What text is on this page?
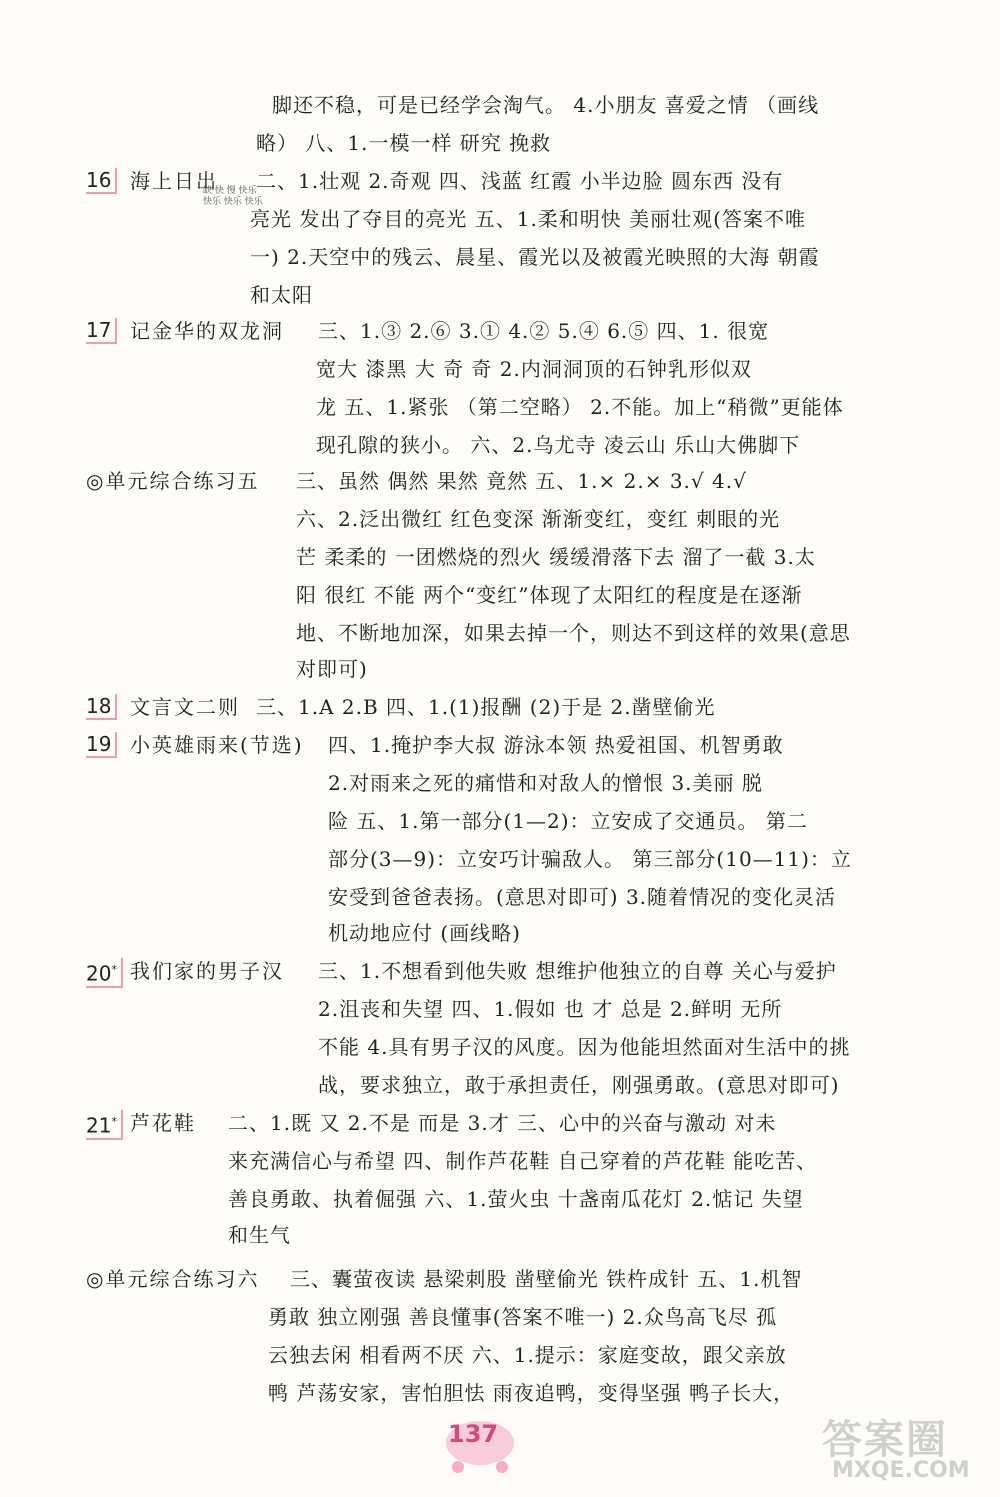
16 海上日出
缺 快 慢 快乐
快乐 快乐 快乐
17 记金华的双龙洞
◎单元综合练习五
18 文言文二则
19 小英雄雨来(节选)
20* 我们家的男子汉
21* 芦花鞋
◎单元综合练习六
脚还不稳，可是已经学会淘气。 4.小朋友 喜爱之情 （画线
略） 八、1.一模一样 研究 挽救
二、1.壮观 2.奇观 四、浅蓝 红霞 小半边脸 圆东西 没有
亮光 发出了夺目的亮光 五、1.柔和明快 美丽壮观(答案不唯
一) 2.天空中的残云、晨星、霞光以及被霞光映照的大海 朝霞
和太阳
三、1.③ 2.⑥ 3.① 4.② 5.④ 6.⑤ 四、1. 很宽
宽大 漆黑 大 奇 奇 2.内洞洞顶的石钟乳形似双
龙 五、1.紧张 （第二空略） 2.不能。加上“稍微”更能体
现孔隙的狭小。 六、2.乌尤寺 凌云山 乐山大佛脚下
三、虽然 偶然 果然 竟然 五、1.× 2.× 3.√ 4.√
六、2.泛出微红 红色变深 渐渐变红，变红 刺眼的光
芒 柔柔的 一团燃烧的烈火 缓缓滑落下去 溜了一截 3.太
阳 很红 不能 两个“变红”体现了太阳红的程度是在逐渐
地、不断地加深，如果去掉一个，则达不到这样的效果(意思
对即可)
三、1.A 2.B 四、1.(1)报酬 (2)于是 2.凿壁偷光
四、1.掩护李大叔 游泳本领 热爱祖国、机智勇敢
2.对雨来之死的痛惜和对敌人的憎恨 3.美丽 脱
险 五、1.第一部分(1—2)：立安成了交通员。 第二
部分(3—9)：立安巧计骗敌人。 第三部分(10—11)：立
安受到爸爸表扬。(意思对即可) 3.随着情况的变化灵活
机动地应付 (画线略)
三、1.不想看到他失败 想维护他独立的自尊 关心与爱护
2.沮丧和失望 四、1.假如 也 才 总是 2.鲜明 无所
不能 4.具有男子汉的风度。因为他能坦然面对生活中的挑
战，要求独立，敢于承担责任，刚强勇敢。(意思对即可)
二、1.既 又 2.不是 而是 3.才 三、心中的兴奋与激动 对未
来充满信心与希望 四、制作芦花鞋 自己穿着的芦花鞋 能吃苦、
善良勇敢、执着倔强 六、1.萤火虫 十盏南瓜花灯 2.惦记 失望
和生气
三、囊萤夜读 悬梁刺股 凿壁偷光 铁杵成针 五、1.机智
勇敢 独立刚强 善良懂事(答案不唯一) 2.众鸟高飞尽 孤
云独去闲 相看两不厌 六、1.提示：家庭变故，跟父亲放
鸭 芦荡安家，害怕胆怯 雨夜追鸭，变得坚强 鸭子长大，
137	答案圈
MXQE.COM
